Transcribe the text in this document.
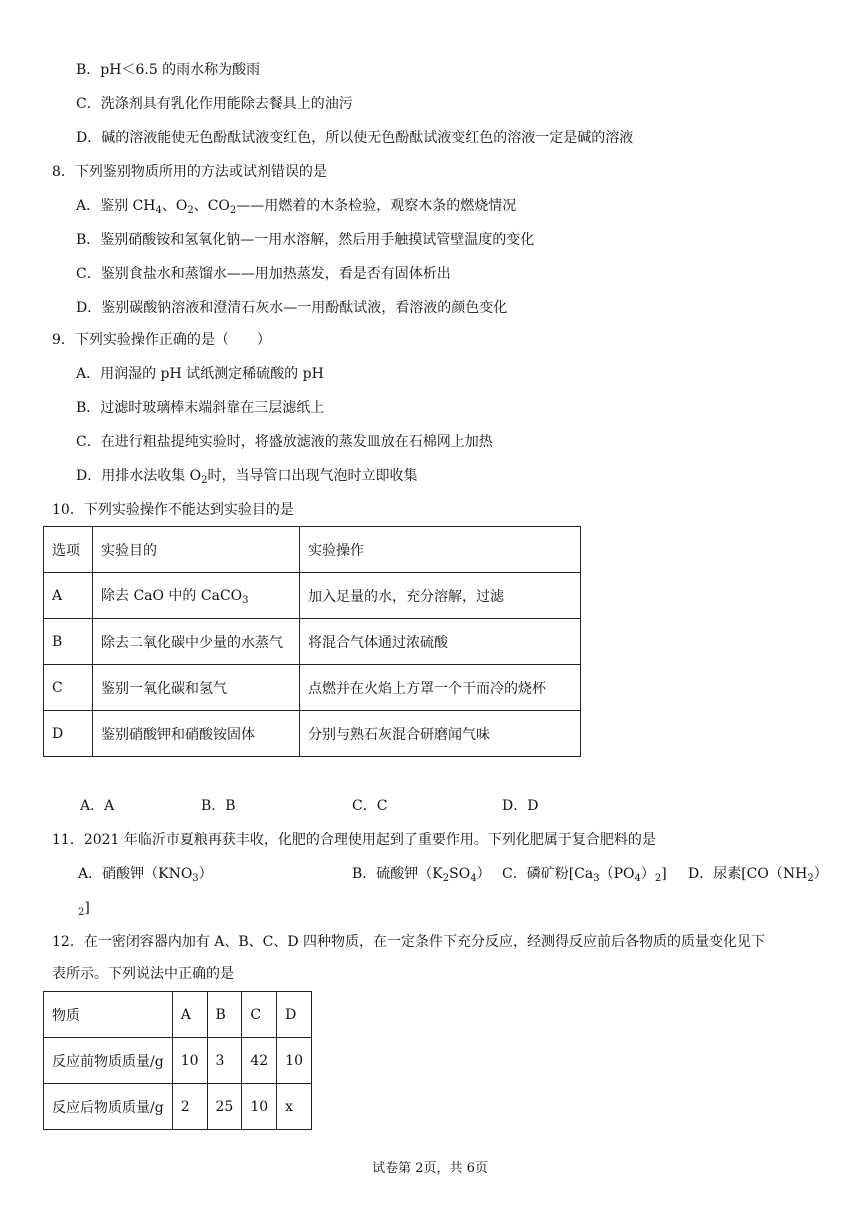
B．pH＜6.5 的雨水称为酸雨
C．洗涤剂具有乳化作用能除去餐具上的油污
D．碱的溶液能使无色酚酞试液变红色，所以使无色酚酞试液变红色的溶液一定是碱的溶液
8．下列鉴别物质所用的方法或试剂错误的是
A．鉴别 $CH_4$、$O_2$、$CO_2——$用燃着的木条检验，观察木条的燃烧情况
B．鉴别硝酸铵和氢氧化钠—一用水溶解，然后用手触摸试管壁温度的变化
C．鉴别食盐水和蒸馏水——用加热蒸发，看是否有固体析出
D．鉴别碳酸钠溶液和澄清石灰水—一用酚酞试液，看溶液的颜色变化
9．下列实验操作正确的是（　　）
A．用润湿的 pH 试纸测定稀硫酸的 pH
B．过滤时玻璃棒末端斜靠在三层滤纸上
C．在进行粗盐提纯实验时，将盛放滤液的蒸发皿放在石棉网上加热
D．用排水法收集 $O_2$时，当导管口出现气泡时立即收集
10．下列实验操作不能达到实验目的是
选项	实验目的	实验操作
A	除去 CaO 中的 CaCO$_3$	加入足量的水，充分溶解，过滤
B	除去二氧化碳中少量的水蒸气	将混合气体通过浓硫酸
C	鉴别一氧化碳和氢气	点燃并在火焰上方罩一个干而冷的烧杯
D	鉴别硝酸钾和硝酸铵固体	分别与熟石灰混合研磨闻气味
A．A	B．B	C．C	D．D
11．2021 年临沂市夏粮再获丰收，化肥的合理使用起到了重要作用。下列化肥属于复合肥料的是
A．硝酸钾$(KNO_3)$	B．硫酸钾$(K_2SO_4)$ C．磷矿粉$[Ca_3(PO_4)_2]$ D．尿素[$CO(NH_2)$
$_2$]
12．在一密闭容器内加有 A、B、C、D 四种物质，在一定条件下充分反应，经测得反应前后各物质的质量变化见下
表所示。下列说法中正确的是
物质	A	B	C	D
反应前物质质量/g	10	3	42	10
反应后物质质量/g	2	25	10	x
试卷第 2页，共 6页
